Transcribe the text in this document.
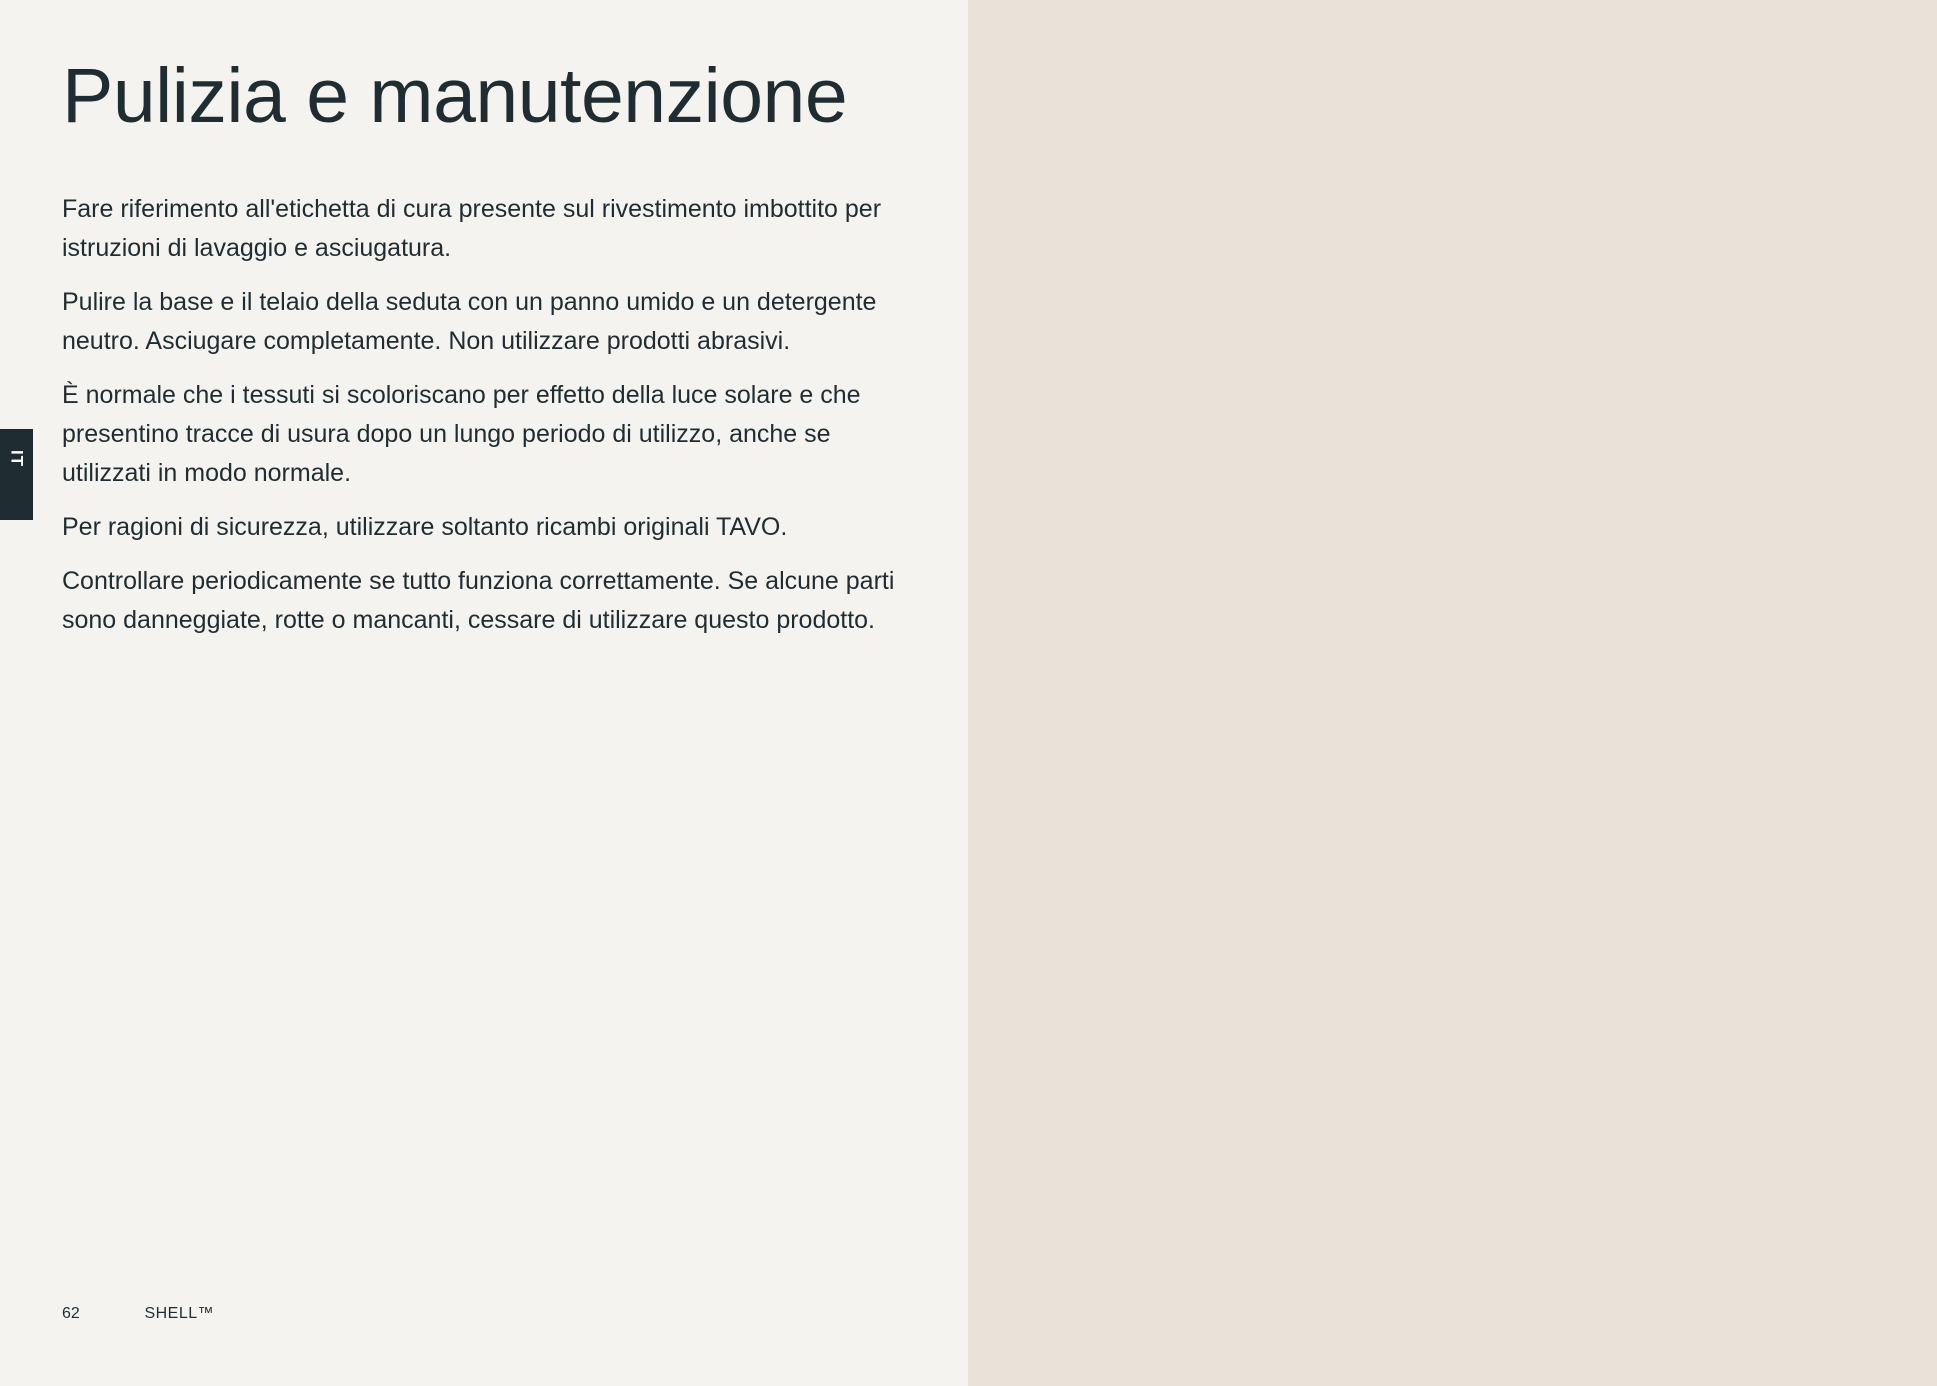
IT
Pulizia e manutenzione

Fare riferimento all'etichetta di cura presente sul rivestimento imbottito per istruzioni di lavaggio e asciugatura.

Pulire la base e il telaio della seduta con un panno umido e un detergente neutro. Asciugare completamente. Non utilizzare prodotti abrasivi.

È normale che i tessuti si scoloriscano per effetto della luce solare e che presentino tracce di usura dopo un lungo periodo di utilizzo, anche se utilizzati in modo normale.

Per ragioni di sicurezza, utilizzare soltanto ricambi originali TAVO.

Controllare periodicamente se tutto funziona correttamente. Se alcune parti sono danneggiate, rotte o mancanti, cessare di utilizzare questo prodotto.

62	SHELL™
